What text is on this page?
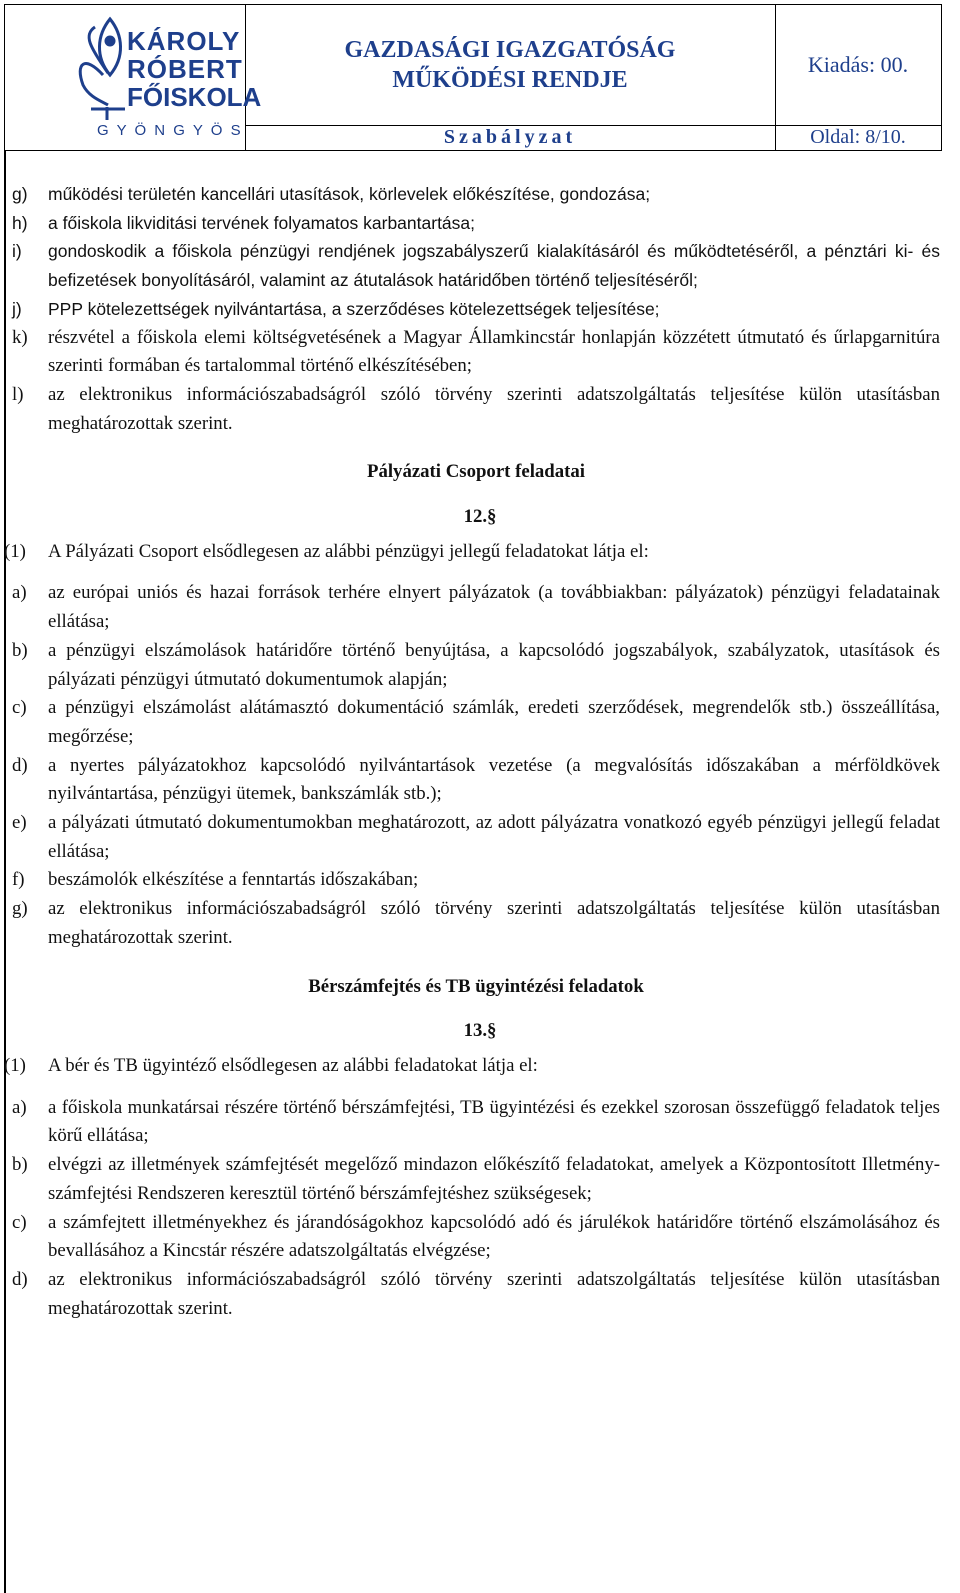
KÁROLY
RÓBERT
FŐISKOLA
G Y Ö N G Y Ö S
GAZDASÁGI IGAZGATÓSÁG
MŰKÖDÉSI RENDJE
Kiadás: 00.
Szabályzat	Oldal: 8/10.
g) működési területén kancellári utasítások, körlevelek előkészítése, gondozása;
h) a főiskola likviditási tervének folyamatos karbantartása;
i) gondoskodik a főiskola pénzügyi rendjének jogszabályszerű kialakításáról és működtetéséről, a pénztári ki- és befizetések bonyolításáról, valamint az átutalások határidőben történő teljesítéséről;
j) PPP kötelezettségek nyilvántartása, a szerződéses kötelezettségek teljesítése;
k) részvétel a főiskola elemi költségvetésének a Magyar Államkincstár honlapján közzétett útmutató és űrlapgarnitúra szerinti formában és tartalommal történő elkészítésében;
l) az elektronikus információszabadságról szóló törvény szerinti adatszolgáltatás teljesítése külön utasításban meghatározottak szerint.
Pályázati Csoport feladatai
12.§
(1) A Pályázati Csoport elsődlegesen az alábbi pénzügyi jellegű feladatokat látja el:
a) az európai uniós és hazai források terhére elnyert pályázatok (a továbbiakban: pályázatok) pénzügyi feladatainak ellátása;
b) a pénzügyi elszámolások határidőre történő benyújtása, a kapcsolódó jogszabályok, szabályzatok, utasítások és pályázati pénzügyi útmutató dokumentumok alapján;
c) a pénzügyi elszámolást alátámasztó dokumentáció számlák, eredeti szerződések, megrendelők stb.) összeállítása, megőrzése;
d) a nyertes pályázatokhoz kapcsolódó nyilvántartások vezetése (a megvalósítás időszakában a mérföldkövek nyilvántartása, pénzügyi ütemek, bankszámlák stb.);
e) a pályázati útmutató dokumentumokban meghatározott, az adott pályázatra vonatkozó egyéb pénzügyi jellegű feladat ellátása;
f) beszámolók elkészítése a fenntartás időszakában;
g) az elektronikus információszabadságról szóló törvény szerinti adatszolgáltatás teljesítése külön utasításban meghatározottak szerint.
Bérszámfejtés és TB ügyintézési feladatok
13.§
(1) A bér és TB ügyintéző elsődlegesen az alábbi feladatokat látja el:
a) a főiskola munkatársai részére történő bérszámfejtési, TB ügyintézési és ezekkel szorosan összefüggő feladatok teljes körű ellátása;
b) elvégzi az illetmények számfejtését megelőző mindazon előkészítő feladatokat, amelyek a Központosított Illetmény-számfejtési Rendszeren keresztül történő bérszámfejtéshez szükségesek;
c) a számfejtett illetményekhez és járandóságokhoz kapcsolódó adó és járulékok határidőre történő elszámolásához és bevallásához a Kincstár részére adatszolgáltatás elvégzése;
d) az elektronikus információszabadságról szóló törvény szerinti adatszolgáltatás teljesítése külön utasításban meghatározottak szerint.
